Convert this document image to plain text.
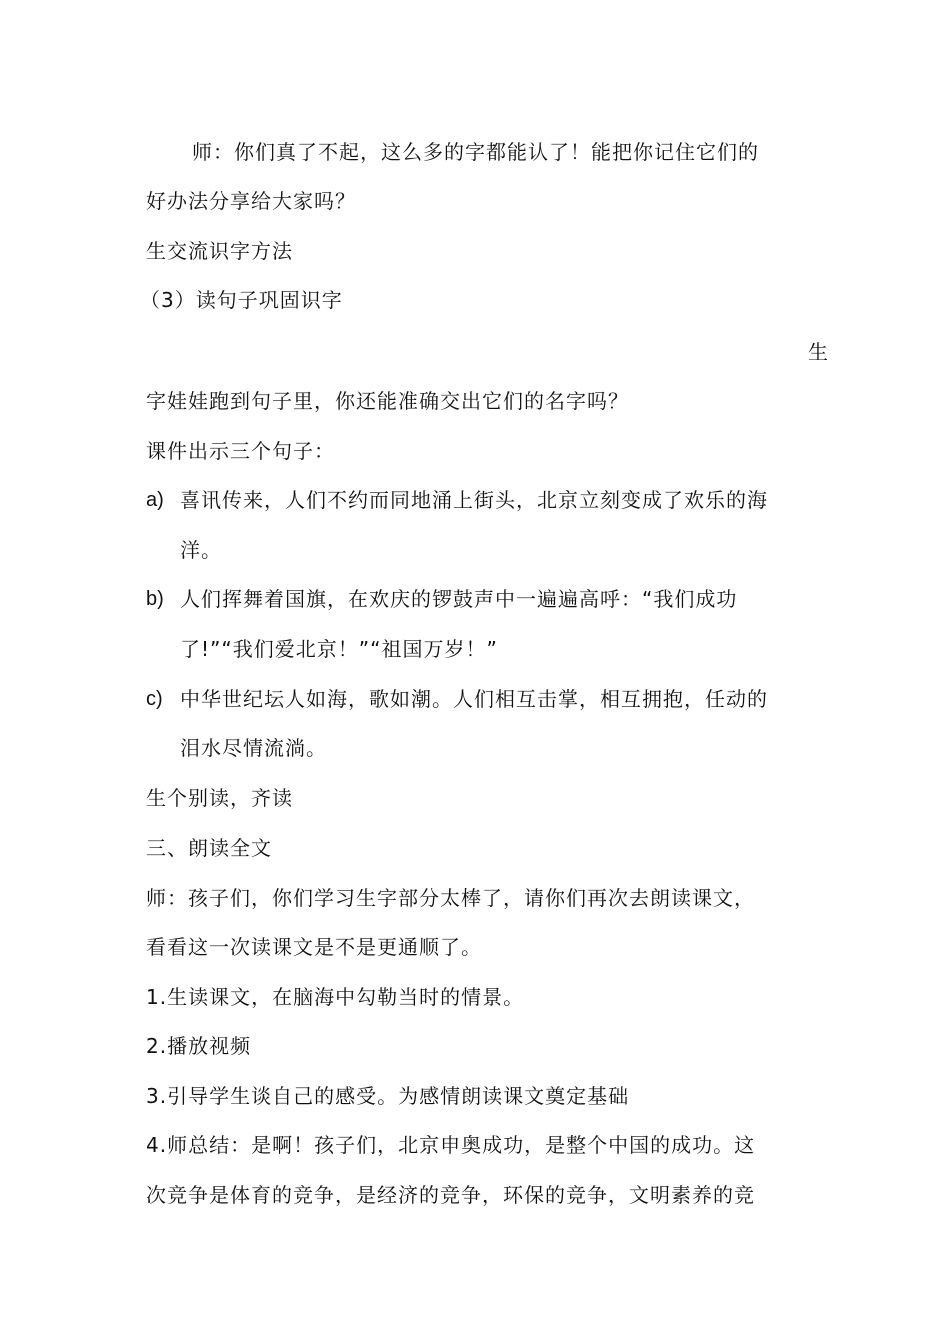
师：你们真了不起，这么多的字都能认了！能把你记住它们的
好办法分享给大家吗？
生交流识字方法
（3）读句子巩固识字
生
字娃娃跑到句子里，你还能准确交出它们的名字吗？
课件出示三个句子：
a) 喜讯传来，人们不约而同地涌上街头，北京立刻变成了欢乐的海
洋。
b) 人们挥舞着国旗，在欢庆的锣鼓声中一遍遍高呼：“我们成功
了!”“我们爱北京！”“祖国万岁！”
c) 中华世纪坛人如海，歌如潮。人们相互击掌，相互拥抱，任动的
泪水尽情流淌。
生个别读，齐读
三、朗读全文
师：孩子们，你们学习生字部分太棒了，请你们再次去朗读课文，
看看这一次读课文是不是更通顺了。
1.生读课文，在脑海中勾勒当时的情景。
2.播放视频
3.引导学生谈自己的感受。为感情朗读课文奠定基础
4.师总结：是啊！孩子们，北京申奥成功，是整个中国的成功。这
次竞争是体育的竞争，是经济的竞争，环保的竞争，文明素养的竞
